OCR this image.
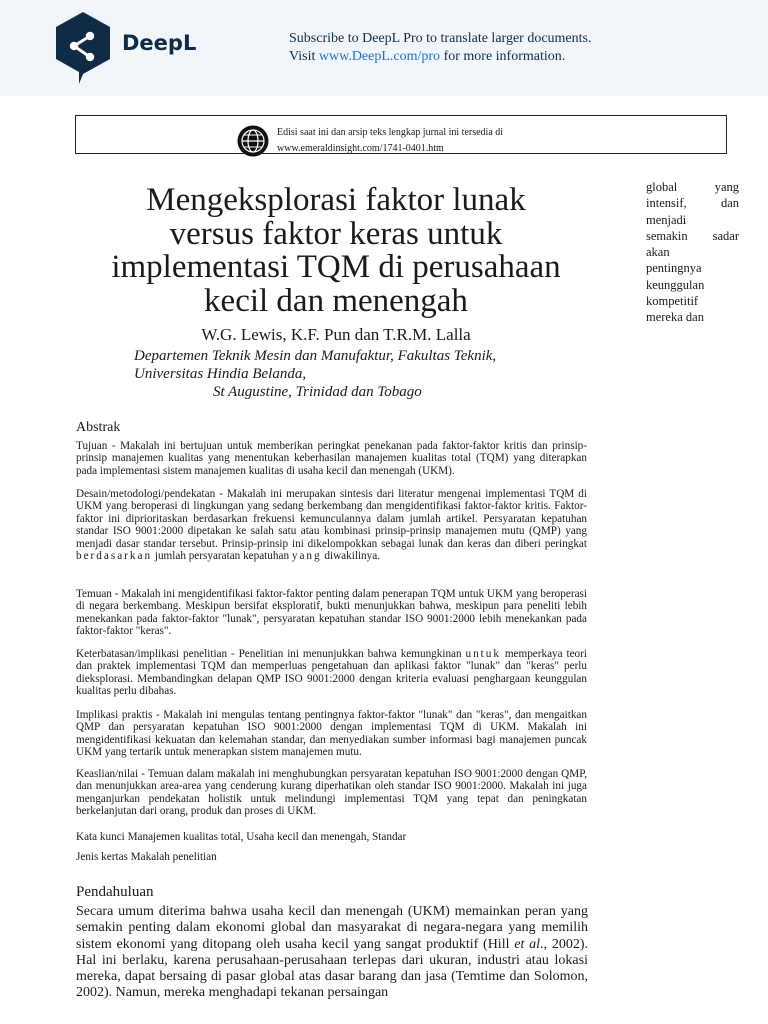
DeepL	Subscribe to DeepL Pro to translate larger documents.
Visit www.DeepL.com/pro for more information.
Edisi saat ini dan arsip teks lengkap jurnal ini tersedia di
www.emeraldinsight.com/1741-0401.htm
global	yang
intensif,	dan
menjadi
semakin sadar
akan
pentingnya
keunggulan
kompetitif
mereka dan
Mengeksplorasi faktor lunak
versus faktor keras untuk
implementasi TQM di perusahaan
kecil dan menengah
W.G. Lewis, K.F. Pun dan T.R.M. Lalla
Departemen Teknik Mesin dan Manufaktur, Fakultas Teknik,
Universitas Hindia Belanda,
St Augustine, Trinidad dan Tobago
Abstrak
Tujuan - Makalah ini bertujuan untuk memberikan peringkat penekanan pada faktor-faktor kritis dan prinsip-prinsip manajemen kualitas yang menentukan keberhasilan manajemen kualitas total (TQM) yang diterapkan pada implementasi sistem manajemen kualitas di usaha kecil dan menengah (UKM).
Desain/metodologi/pendekatan - Makalah ini merupakan sintesis dari literatur mengenai implementasi TQM di UKM yang beroperasi di lingkungan yang sedang berkembang dan mengidentifikasi faktor-faktor kritis. Faktor-faktor ini diprioritaskan berdasarkan frekuensi kemunculannya dalam jumlah artikel. Persyaratan kepatuhan standar ISO 9001:2000 dipetakan ke salah satu atau kombinasi prinsip-prinsip manajemen mutu (QMP) yang menjadi dasar standar tersebut. Prinsip-prinsip ini dikelompokkan sebagai lunak dan keras dan diberi peringkat berdasarkan jumlah persyaratan kepatuhan yang diwakilinya.
Temuan - Makalah ini mengidentifikasi faktor-faktor penting dalam penerapan TQM untuk UKM yang beroperasi di negara berkembang. Meskipun bersifat eksploratif, bukti menunjukkan bahwa, meskipun para peneliti lebih menekankan pada faktor-faktor "lunak", persyaratan kepatuhan standar ISO 9001:2000 lebih menekankan pada faktor-faktor "keras".
Keterbatasan/implikasi penelitian - Penelitian ini menunjukkan bahwa kemungkinan untuk memperkaya teori dan praktek implementasi TQM dan memperluas pengetahuan dan aplikasi faktor "lunak" dan "keras" perlu dieksplorasi. Membandingkan delapan QMP ISO 9001:2000 dengan kriteria evaluasi penghargaan keunggulan kualitas perlu dibahas.
Implikasi praktis - Makalah ini mengulas tentang pentingnya faktor-faktor "lunak" dan "keras", dan mengaitkan QMP dan persyaratan kepatuhan ISO 9001:2000 dengan implementasi TQM di UKM. Makalah ini mengidentifikasi kekuatan dan kelemahan standar, dan menyediakan sumber informasi bagi manajemen puncak UKM yang tertarik untuk menerapkan sistem manajemen mutu.
Keaslian/nilai - Temuan dalam makalah ini menghubungkan persyaratan kepatuhan ISO 9001:2000 dengan QMP, dan menunjukkan area-area yang cenderung kurang diperhatikan oleh standar ISO 9001:2000. Makalah ini juga menganjurkan pendekatan holistik untuk melindungi implementasi TQM yang tepat dan peningkatan berkelanjutan dari orang, produk dan proses di UKM.
Kata kunci Manajemen kualitas total, Usaha kecil dan menengah, Standar
Jenis kertas Makalah penelitian
Pendahuluan
Secara umum diterima bahwa usaha kecil dan menengah (UKM) memainkan peran yang semakin penting dalam ekonomi global dan masyarakat di negara-negara yang memilih sistem ekonomi yang ditopang oleh usaha kecil yang sangat produktif (Hill et al., 2002). Hal ini berlaku, karena perusahaan-perusahaan terlepas dari ukuran, industri atau lokasi mereka, dapat bersaing di pasar global atas dasar barang dan jasa (Temtime dan Solomon, 2002). Namun, mereka menghadapi tekanan persaingan
